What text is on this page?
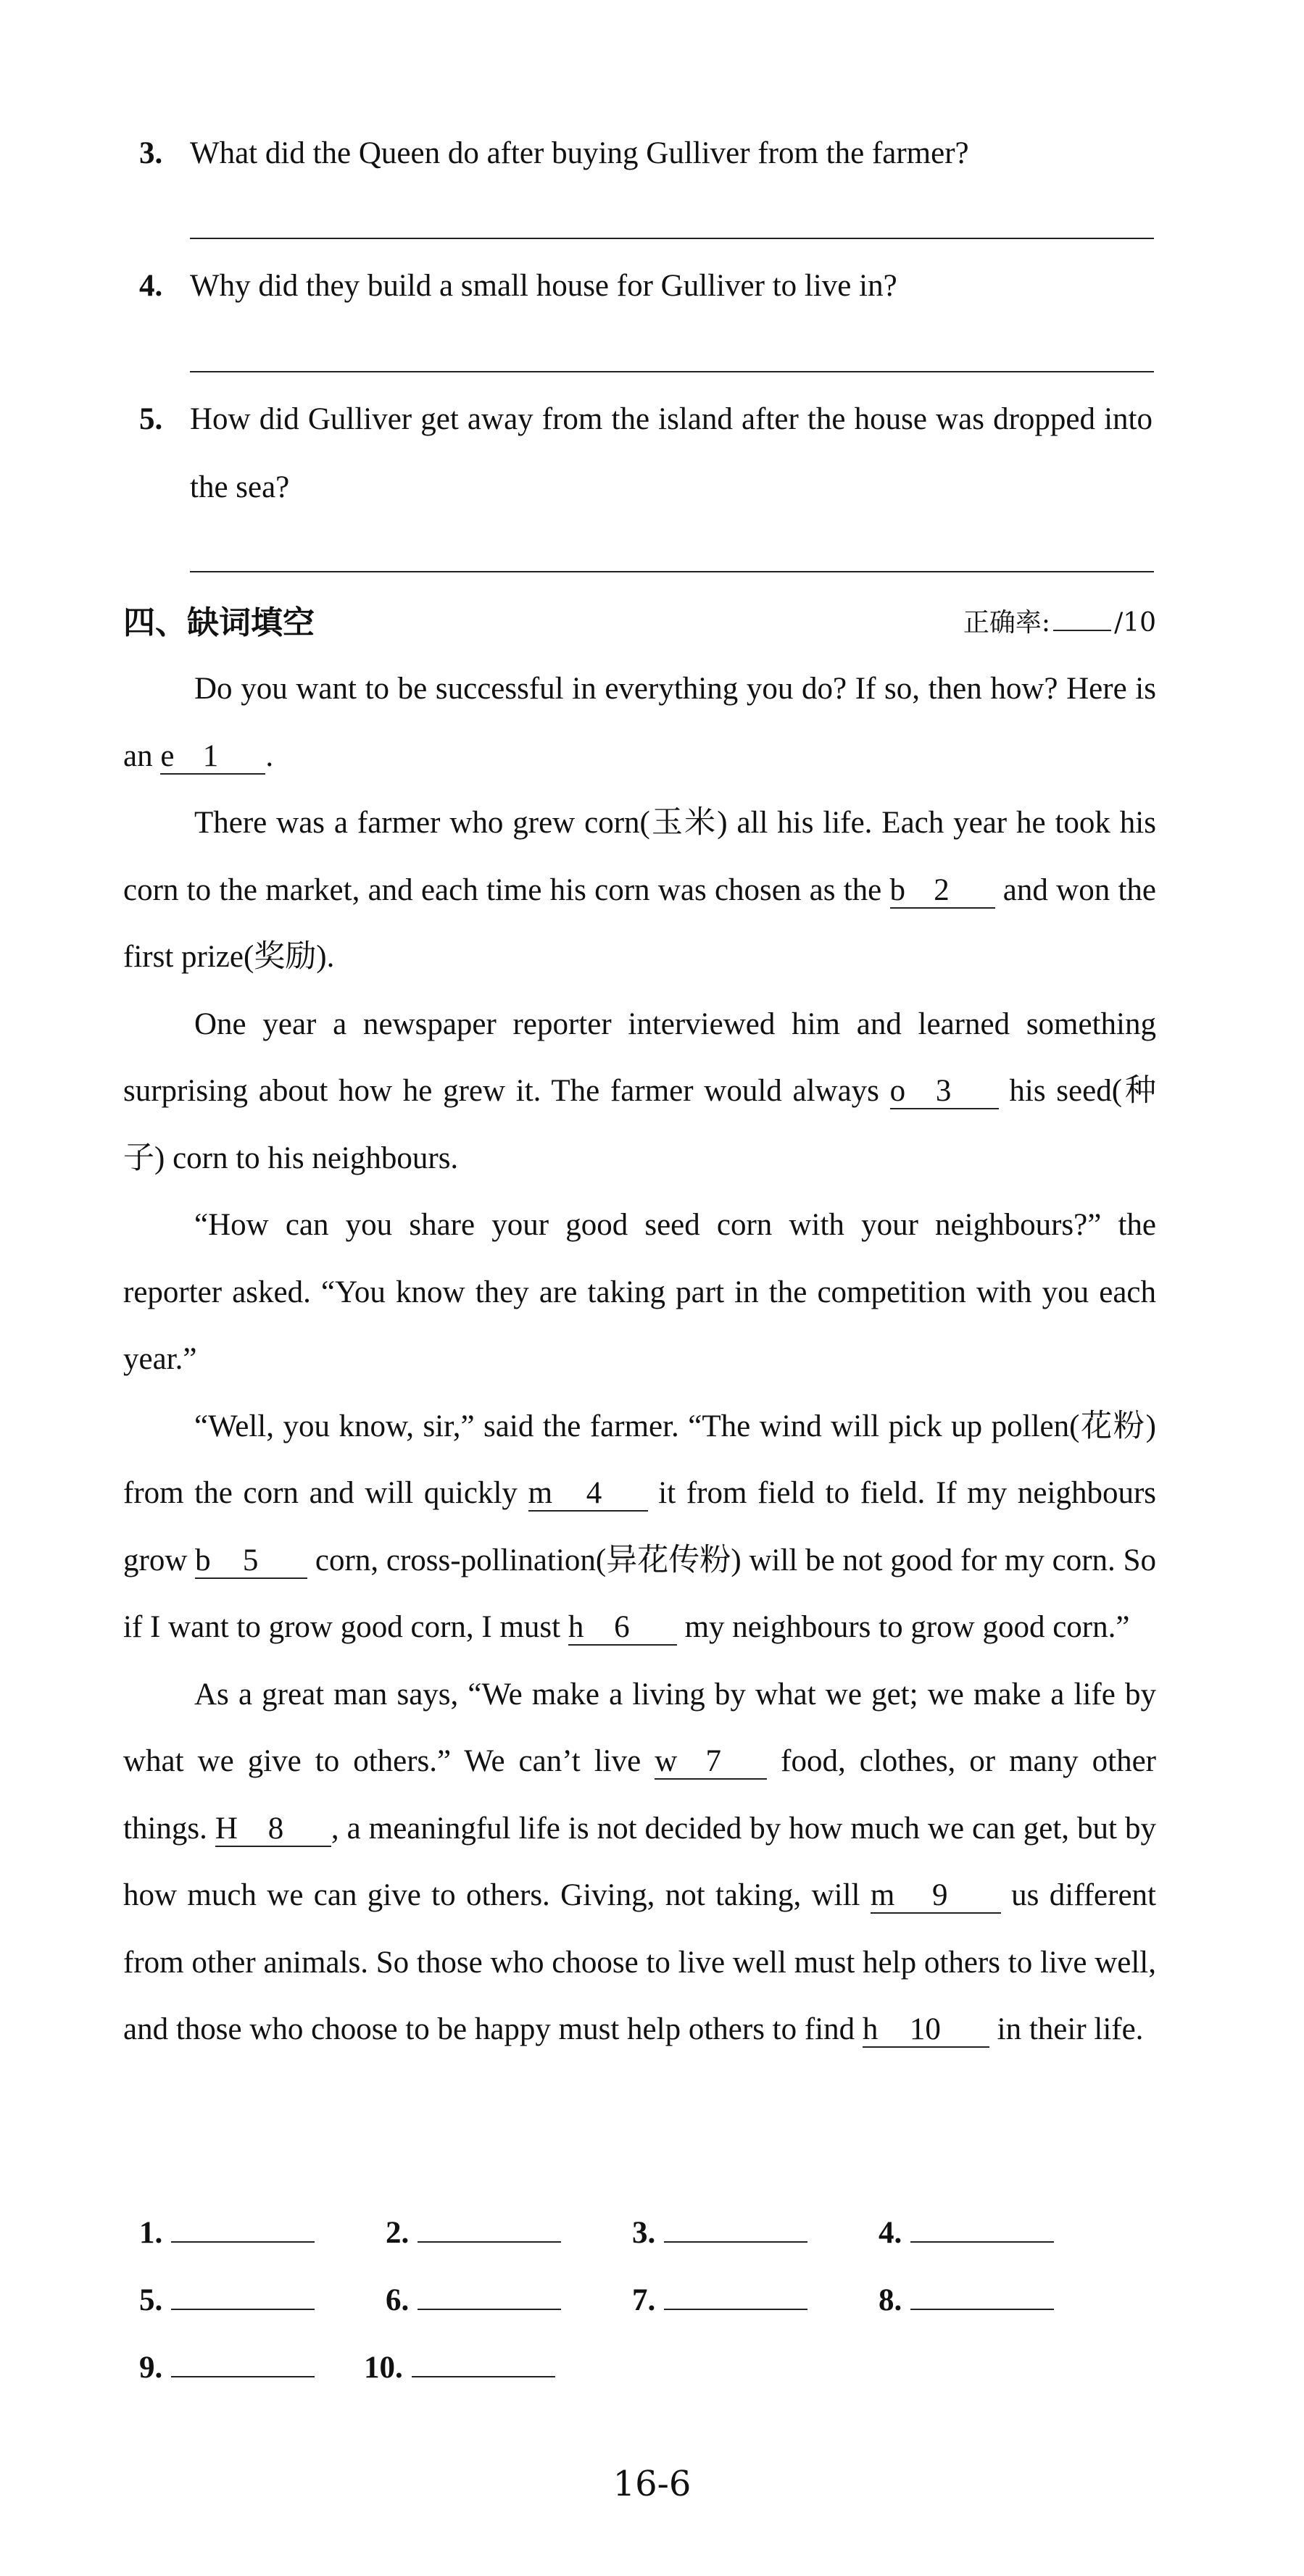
3. What did the Queen do after buying Gulliver from the farmer?
4. Why did they build a small house for Gulliver to live in?
5. How did Gulliver get away from the island after the house was dropped into the sea?
四、缺词填空	正确率: /10

Do you want to be successful in everything you do? If so, then how? Here is an e 1 .

There was a farmer who grew corn(玉米) all his life. Each year he took his corn to the market, and each time his corn was chosen as the b 2 and won the first prize(奖励).

One year a newspaper reporter interviewed him and learned something surprising about how he grew it. The farmer would always o 3 his seed(种子) corn to his neighbours.

“How can you share your good seed corn with your neighbours?” the reporter asked. “You know they are taking part in the competition with you each year.”

“Well, you know, sir,” said the farmer. “The wind will pick up pollen(花粉) from the corn and will quickly m 4 it from field to field. If my neighbours grow b 5 corn, cross-pollination(异花传粉) will be not good for my corn. So if I want to grow good corn, I must h 6 my neighbours to grow good corn.”

As a great man says, “We make a living by what we get; we make a life by what we give to others.” We can’t live w 7 food, clothes, or many other things. H 8 , a meaningful life is not decided by how much we can get, but by how much we can give to others. Giving, not taking, will m 9 us different from other animals. So those who choose to live well must help others to live well, and those who choose to be happy must help others to find h 10 in their life.

1.	2.	3.	4.
5.	6.	7.	8.
9.	10.
16-6
